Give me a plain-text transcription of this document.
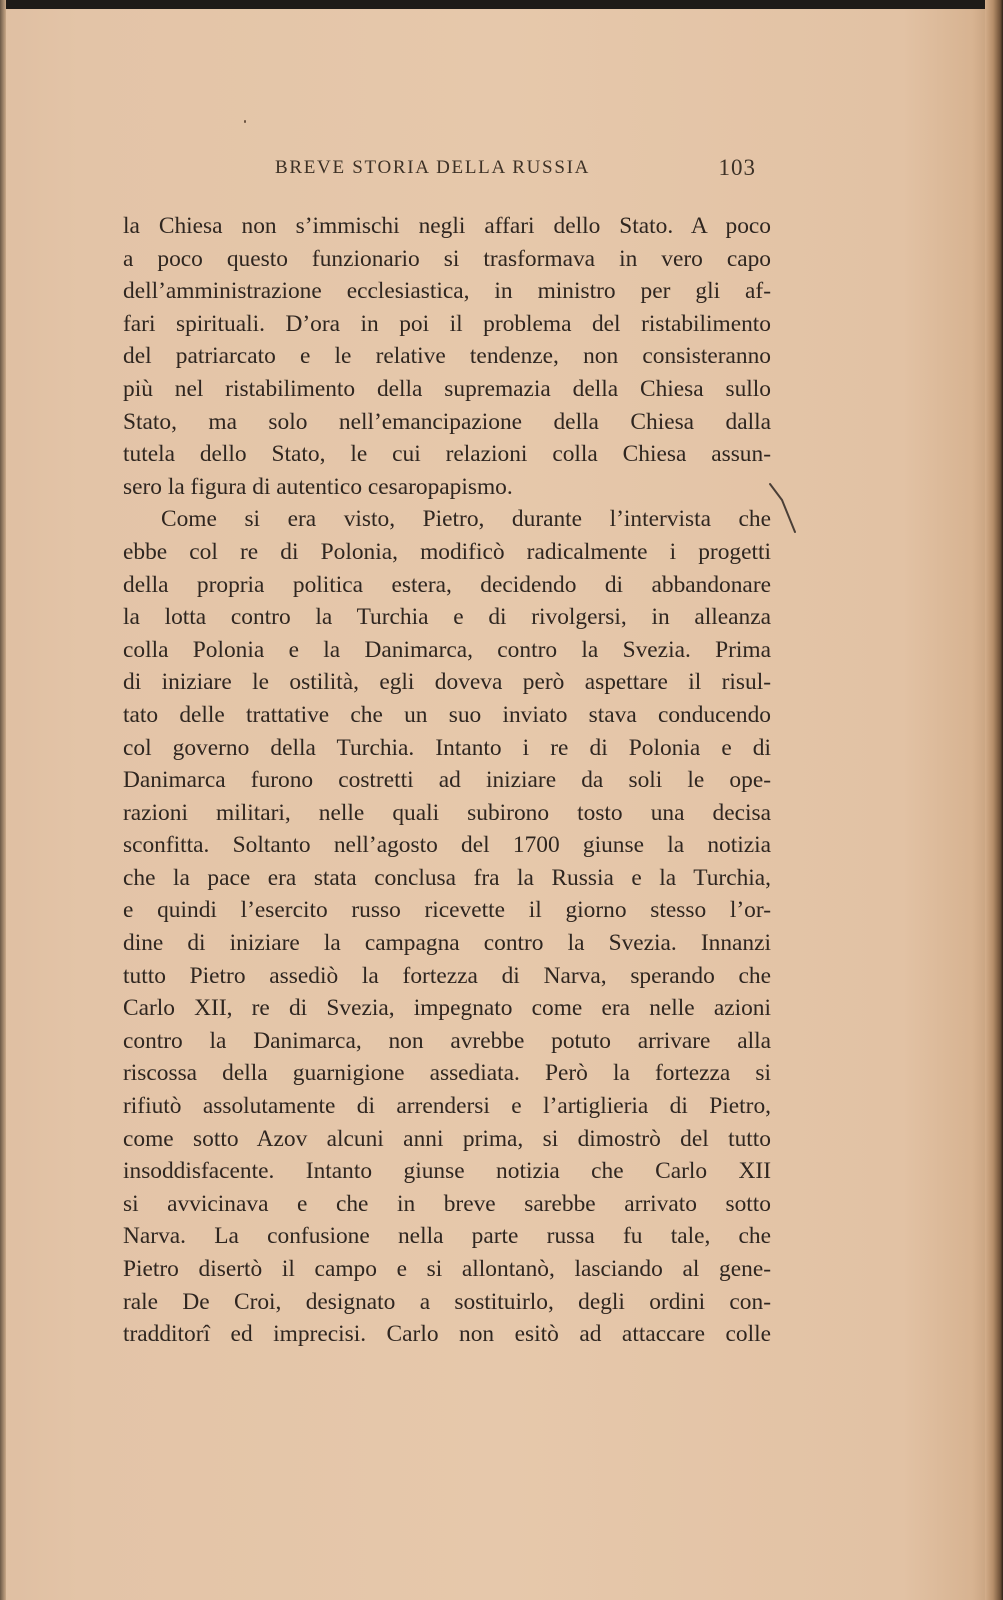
BREVE STORIA DELLA RUSSIA	103
la Chiesa non s’immischi negli affari dello Stato. A poco
a poco questo funzionario si trasformava in vero capo
dell’amministrazione ecclesiastica, in ministro per gli af-
fari spirituali. D’ora in poi il problema del ristabilimento
del patriarcato e le relative tendenze, non consisteranno
più nel ristabilimento della supremazia della Chiesa sullo
Stato, ma solo nell’emancipazione della Chiesa dalla
tutela dello Stato, le cui relazioni colla Chiesa assun-
sero la figura di autentico cesaropapismo.
Come si era visto, Pietro, durante l’intervista che
ebbe col re di Polonia, modificò radicalmente i progetti
della propria politica estera, decidendo di abbandonare
la lotta contro la Turchia e di rivolgersi, in alleanza
colla Polonia e la Danimarca, contro la Svezia. Prima
di iniziare le ostilità, egli doveva però aspettare il risul-
tato delle trattative che un suo inviato stava conducendo
col governo della Turchia. Intanto i re di Polonia e di
Danimarca furono costretti ad iniziare da soli le ope-
razioni militari, nelle quali subirono tosto una decisa
sconfitta. Soltanto nell’agosto del 1700 giunse la notizia
che la pace era stata conclusa fra la Russia e la Turchia,
e quindi l’esercito russo ricevette il giorno stesso l’or-
dine di iniziare la campagna contro la Svezia. Innanzi
tutto Pietro assediò la fortezza di Narva, sperando che
Carlo XII, re di Svezia, impegnato come era nelle azioni
contro la Danimarca, non avrebbe potuto arrivare alla
riscossa della guarnigione assediata. Però la fortezza si
rifiutò assolutamente di arrendersi e l’artiglieria di Pietro,
come sotto Azov alcuni anni prima, si dimostrò del tutto
insoddisfacente. Intanto giunse notizia che Carlo XII
si avvicinava e che in breve sarebbe arrivato sotto
Narva. La confusione nella parte russa fu tale, che
Pietro disertò il campo e si allontanò, lasciando al gene-
rale De Croi, designato a sostituirlo, degli ordini con-
tradditorî ed imprecisi. Carlo non esitò ad attaccare colle
